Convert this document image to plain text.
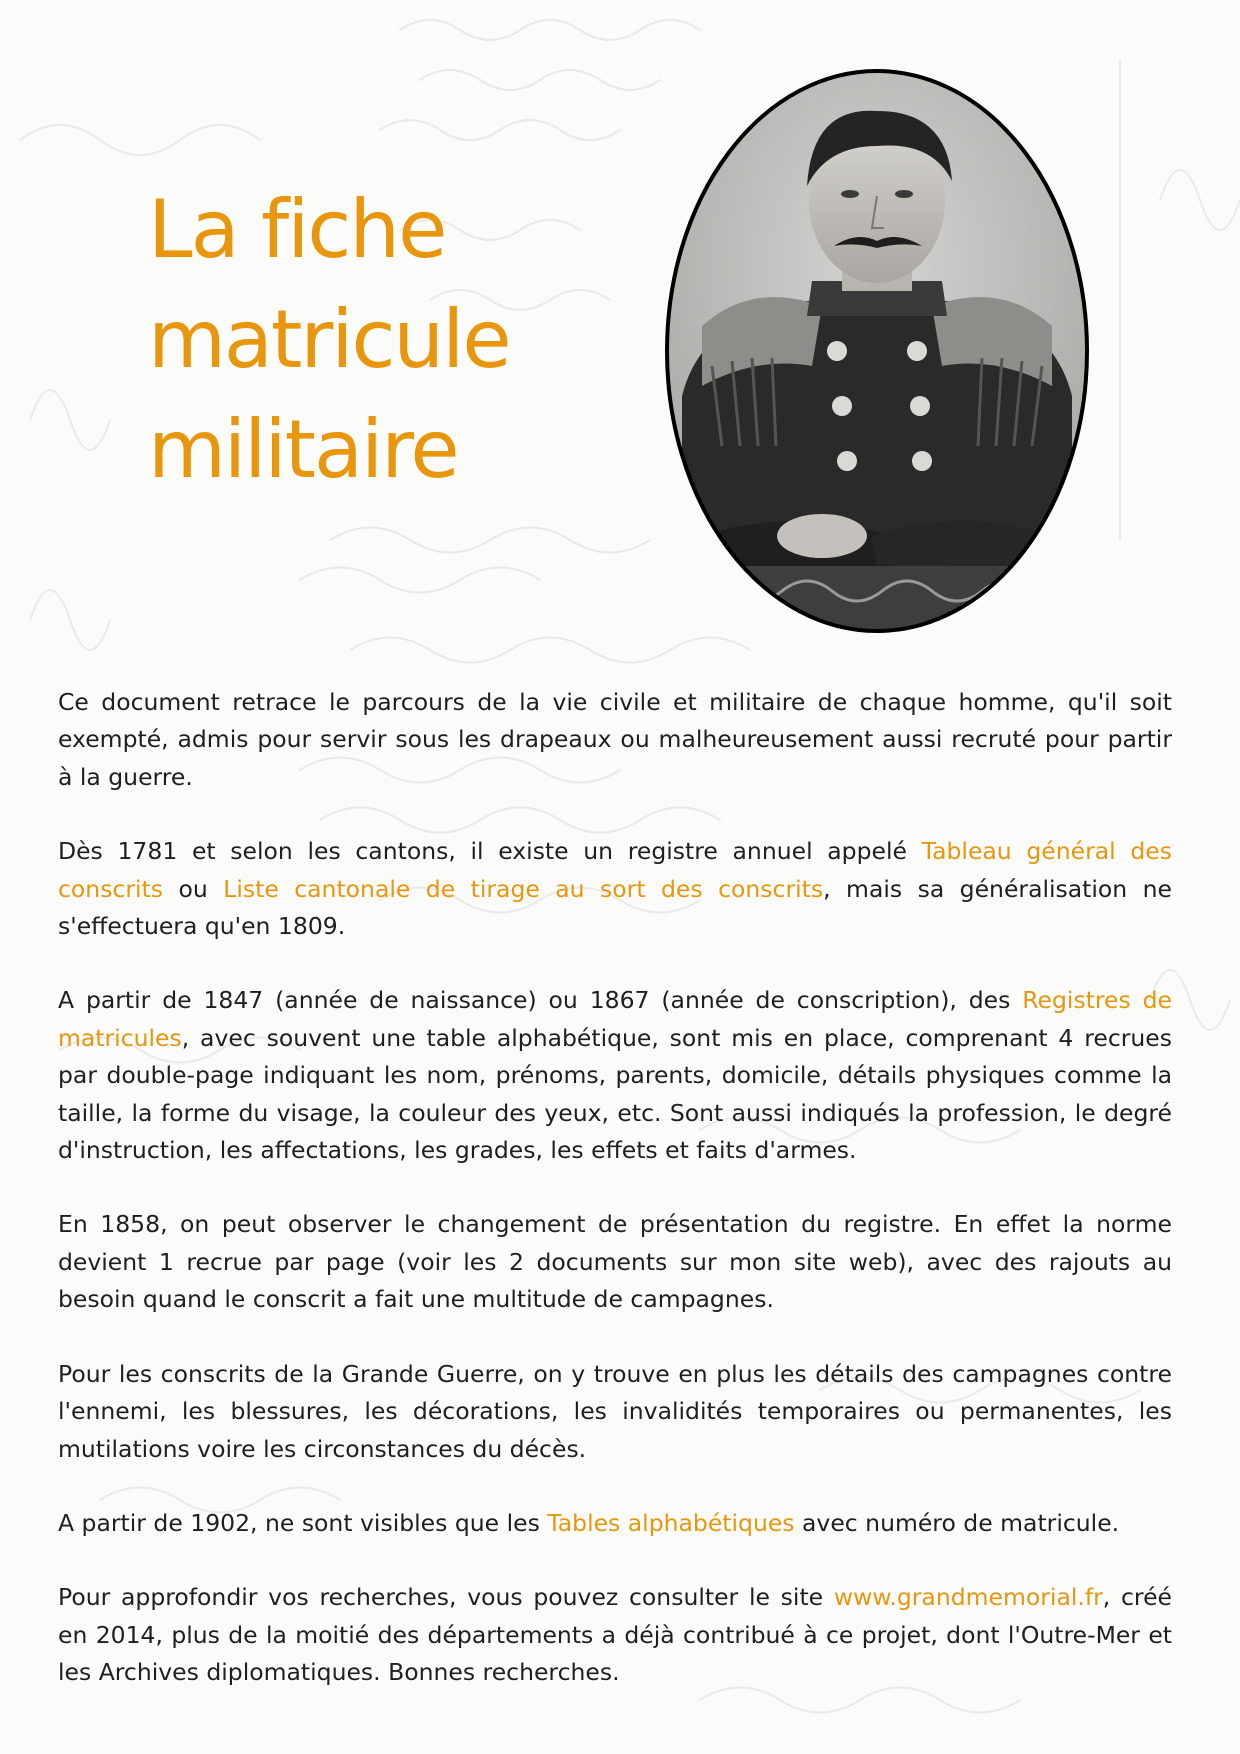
La fiche
matricule
militaire

Ce document retrace le parcours de la vie civile et militaire de chaque homme, qu'il soit exempté, admis pour servir sous les drapeaux ou malheureusement aussi recruté pour partir à la guerre.

Dès 1781 et selon les cantons, il existe un registre annuel appelé Tableau général des conscrits ou Liste cantonale de tirage au sort des conscrits, mais sa généralisation ne s'effectuera qu'en 1809.

A partir de 1847 (année de naissance) ou 1867 (année de conscription), des Registres de matricules, avec souvent une table alphabétique, sont mis en place, comprenant 4 recrues par double-page indiquant les nom, prénoms, parents, domicile, détails physiques comme la taille, la forme du visage, la couleur des yeux, etc. Sont aussi indiqués la profession, le degré d'instruction, les affectations, les grades, les effets et faits d'armes.

En 1858, on peut observer le changement de présentation du registre. En effet la norme devient 1 recrue par page (voir les 2 documents sur mon site web), avec des rajouts au besoin quand le conscrit a fait une multitude de campagnes.

Pour les conscrits de la Grande Guerre, on y trouve en plus les détails des campagnes contre l'ennemi, les blessures, les décorations, les invalidités temporaires ou permanentes, les mutilations voire les circonstances du décès.

A partir de 1902, ne sont visibles que les Tables alphabétiques avec numéro de matricule.

Pour approfondir vos recherches, vous pouvez consulter le site www.grandmemorial.fr, créé en 2014, plus de la moitié des départements a déjà contribué à ce projet, dont l'Outre-Mer et les Archives diplomatiques. Bonnes recherches.
